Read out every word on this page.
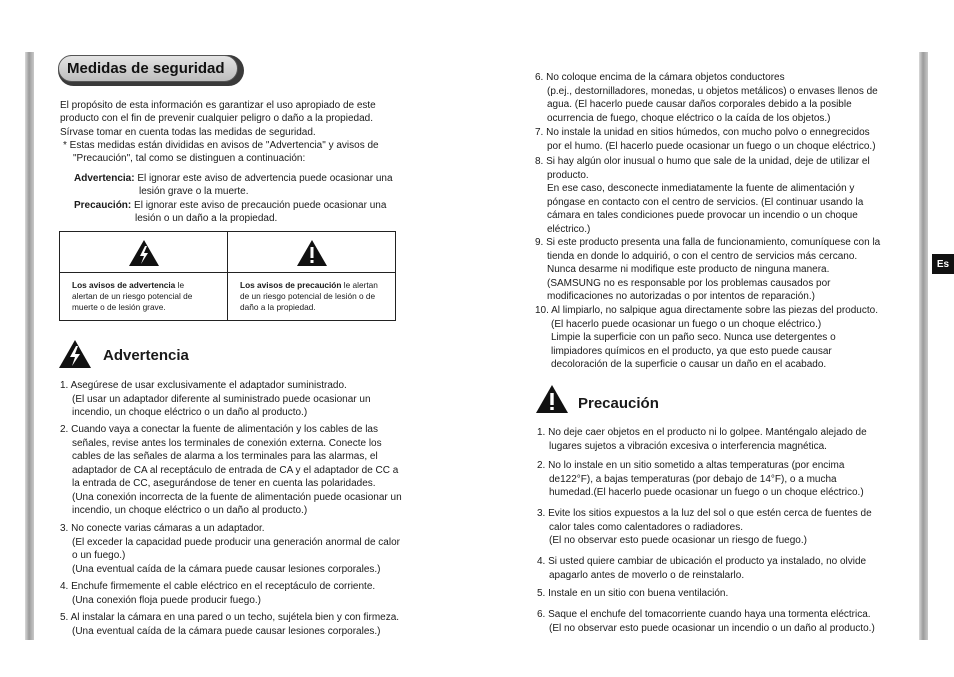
Es
Medidas de seguridad
El propósito de esta información es garantizar el uso apropiado de este
producto con el fin de prevenir cualquier peligro o daño a la propiedad.
Sírvase tomar en cuenta todas las medidas de seguridad.
* Estas medidas están divididas en avisos de "Advertencia" y avisos de
"Precaución", tal como se distinguen a continuación:
Advertencia: El ignorar este aviso de advertencia puede ocasionar una
lesión grave o la muerte.
Precaución: El ignorar este aviso de precaución puede ocasionar una
lesión o un daño a la propiedad.
Los avisos de advertencia le
alertan de un riesgo potencial de
muerte o de lesión grave.
Los avisos de precaución le alertan
de un riesgo potencial de lesión o de
daño a la propiedad.
Advertencia
1. Asegúrese de usar exclusivamente el adaptador suministrado.
(El usar un adaptador diferente al suministrado puede ocasionar un
incendio, un choque eléctrico o un daño al producto.)
2. Cuando vaya a conectar la fuente de alimentación y los cables de las
señales, revise antes los terminales de conexión externa. Conecte los
cables de las señales de alarma a los terminales para las alarmas, el
adaptador de CA al receptáculo de entrada de CA y el adaptador de CC a
la entrada de CC, asegurándose de tener en cuenta las polaridades.
(Una conexión incorrecta de la fuente de alimentación puede ocasionar un
incendio, un choque eléctrico o un daño al producto.)
3. No conecte varias cámaras a un adaptador.
(El exceder la capacidad puede producir una generación anormal de calor
o un fuego.)
(Una eventual caída de la cámara puede causar lesiones corporales.)
4. Enchufe firmemente el cable eléctrico en el receptáculo de corriente.
(Una conexión floja puede producir fuego.)
5. Al instalar la cámara en una pared o un techo, sujétela bien y con firmeza.
(Una eventual caída de la cámara puede causar lesiones corporales.)
6. No coloque encima de la cámara objetos conductores
(p.ej., destornilladores, monedas, u objetos metálicos) o envases llenos de
agua. (El hacerlo puede causar daños corporales debido a la posible
ocurrencia de fuego, choque eléctrico o la caída de los objetos.)
7. No instale la unidad en sitios húmedos, con mucho polvo o ennegrecidos
por el humo. (El hacerlo puede ocasionar un fuego o un choque eléctrico.)
8. Si hay algún olor inusual o humo que sale de la unidad, deje de utilizar el
producto.
En ese caso, desconecte inmediatamente la fuente de alimentación y
póngase en contacto con el centro de servicios. (El continuar usando la
cámara en tales condiciones puede provocar un incendio o un choque
eléctrico.)
9. Si este producto presenta una falla de funcionamiento, comuníquese con la
tienda en donde lo adquirió, o con el centro de servicios más cercano.
Nunca desarme ni modifique este producto de ninguna manera.
(SAMSUNG no es responsable por los problemas causados por
modificaciones no autorizadas o por intentos de reparación.)
10. Al limpiarlo, no salpique agua directamente sobre las piezas del producto.
(El hacerlo puede ocasionar un fuego o un choque eléctrico.)
Limpie la superficie con un paño seco. Nunca use detergentes o
limpiadores químicos en el producto, ya que esto puede causar
decoloración de la superficie o causar un daño en el acabado.
Precaución
1. No deje caer objetos en el producto ni lo golpee. Manténgalo alejado de
lugares sujetos a vibración excesiva o interferencia magnética.
2. No lo instale en un sitio sometido a altas temperaturas (por encima
de122°F), a bajas temperaturas (por debajo de 14°F), o a mucha
humedad.(El hacerlo puede ocasionar un fuego o un choque eléctrico.)
3. Evite los sitios expuestos a la luz del sol o que estén cerca de fuentes de
calor tales como calentadores o radiadores.
(El no observar esto puede ocasionar un riesgo de fuego.)
4. Si usted quiere cambiar de ubicación el producto ya instalado, no olvide
apagarlo antes de moverlo o de reinstalarlo.
5. Instale en un sitio con buena ventilación.
6. Saque el enchufe del tomacorriente cuando haya una tormenta eléctrica.
(El no observar esto puede ocasionar un incendio o un daño al producto.)
